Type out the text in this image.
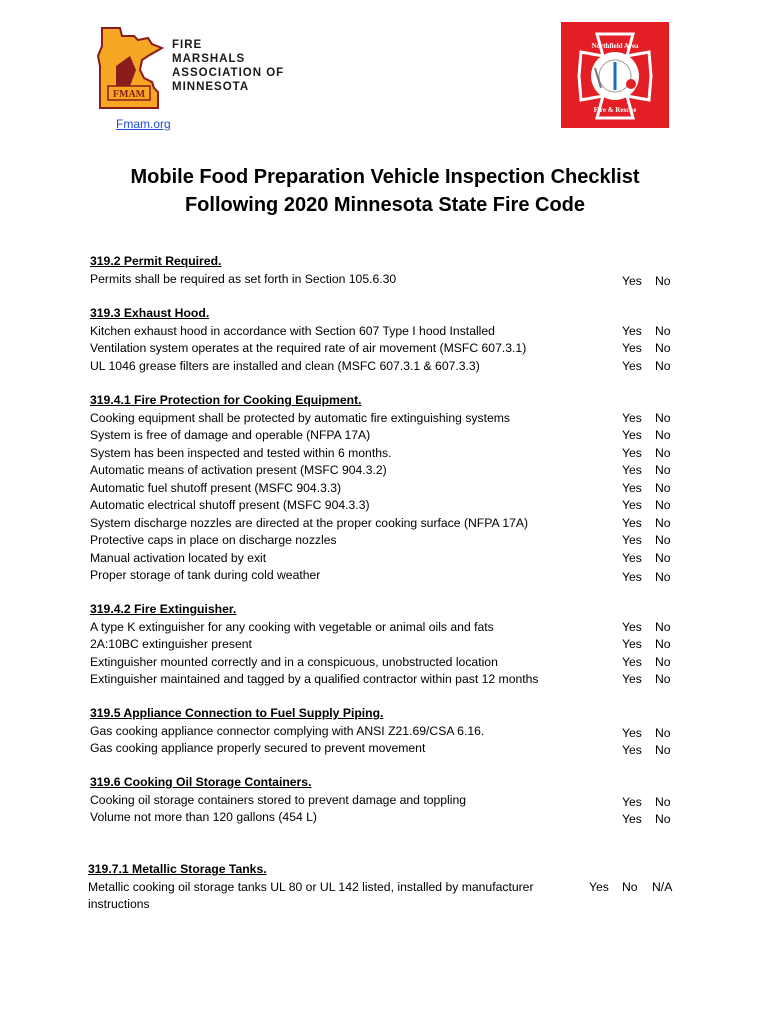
FMAM
FIRE
MARSHALS
ASSOCIATION OF
MINNESOTA
Fmam.org
Northfield Area
Fire & Rescue
Mobile Food Preparation Vehicle Inspection Checklist
Following 2020 Minnesota State Fire Code
319.2 Permit Required.
Permits shall be required as set forth in Section 105.6.30	Yes No
319.3 Exhaust Hood.
Kitchen exhaust hood in accordance with Section 607 Type I hood Installed	Yes No
Ventilation system operates at the required rate of air movement (MSFC 607.3.1)	Yes No
UL 1046 grease filters are installed and clean (MSFC 607.3.1 & 607.3.3)	Yes No
319.4.1 Fire Protection for Cooking Equipment.
Cooking equipment shall be protected by automatic fire extinguishing systems	Yes No
System is free of damage and operable (NFPA 17A)	Yes No
System has been inspected and tested within 6 months.	Yes No
Automatic means of activation present (MSFC 904.3.2)	Yes No
Automatic fuel shutoff present (MSFC 904.3.3)	Yes No
Automatic electrical shutoff present (MSFC 904.3.3)	Yes No
System discharge nozzles are directed at the proper cooking surface (NFPA 17A)	Yes No
Protective caps in place on discharge nozzles	Yes No
Manual activation located by exit	Yes No
Proper storage of tank during cold weather	Yes No
319.4.2 Fire Extinguisher.
A type K extinguisher for any cooking with vegetable or animal oils and fats	Yes No
2A:10BC extinguisher present	Yes No
Extinguisher mounted correctly and in a conspicuous, unobstructed location	Yes No
Extinguisher maintained and tagged by a qualified contractor within past 12 months	Yes No
319.5 Appliance Connection to Fuel Supply Piping.
Gas cooking appliance connector complying with ANSI Z21.69/CSA 6.16.	Yes No
Gas cooking appliance properly secured to prevent movement	Yes No
319.6 Cooking Oil Storage Containers.
Cooking oil storage containers stored to prevent damage and toppling	Yes No
Volume not more than 120 gallons (454 L)	Yes No
319.7.1 Metallic Storage Tanks.
Metallic cooking oil storage tanks UL 80 or UL 142 listed, installed by manufacturer instructions
Yes No N/A
